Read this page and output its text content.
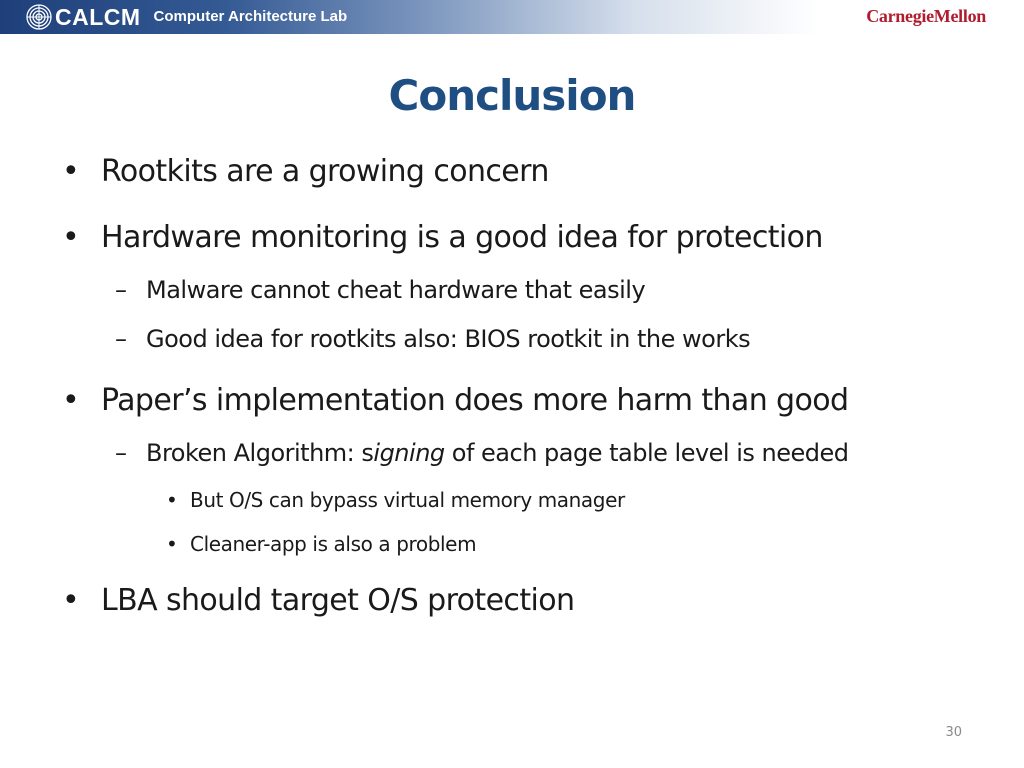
CALCM Computer Architecture Lab	CarnegieMellon
Conclusion
• Rootkits are a growing concern
• Hardware monitoring is a good idea for protection
– Malware cannot cheat hardware that easily
– Good idea for rootkits also: BIOS rootkit in the works
• Paper’s implementation does more harm than good
– Broken Algorithm: signing of each page table level is needed
• But O/S can bypass virtual memory manager
• Cleaner-app is also a problem
• LBA should target O/S protection
30
